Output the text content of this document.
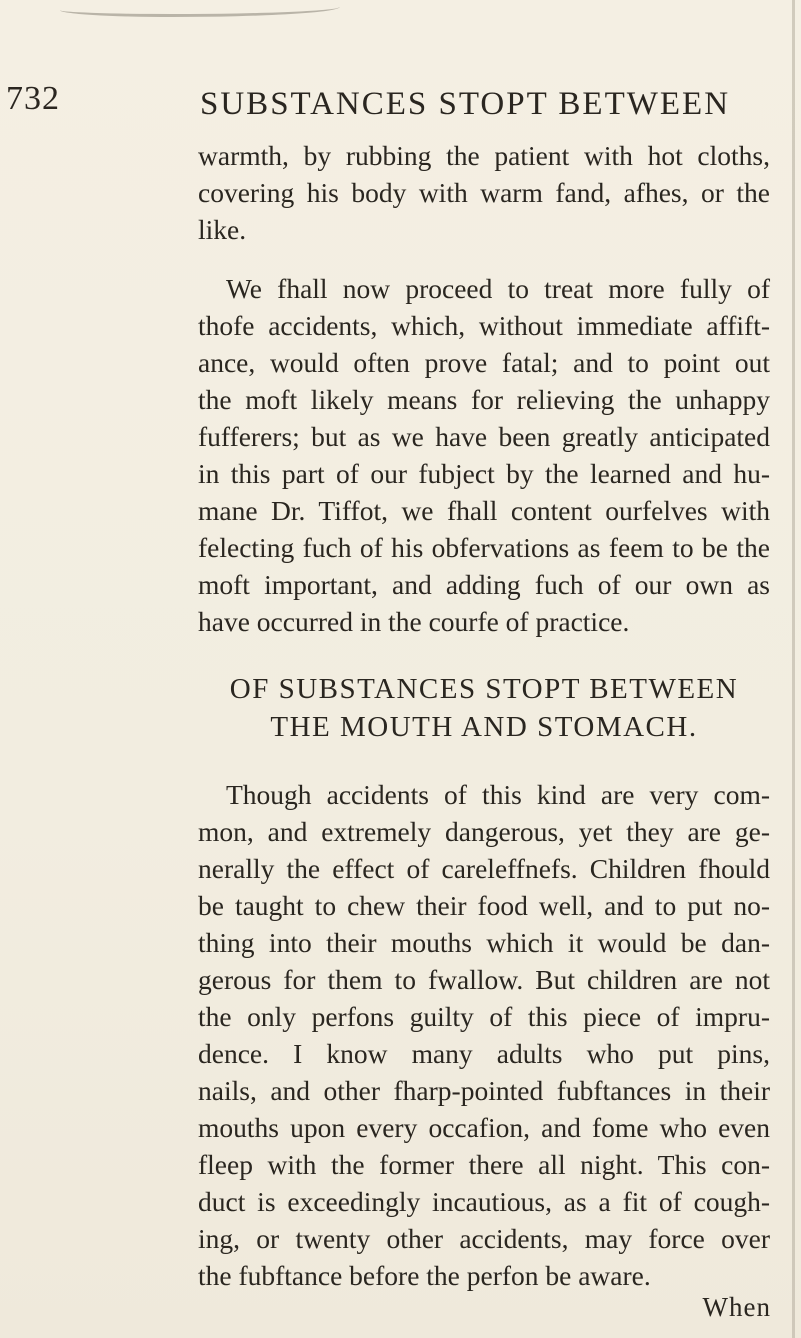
732	SUBSTANCES STOPT BETWEEN
warmth, by rubbing the patient with hot cloths,
covering his body with warm fand, afhes, or the
like.
We fhall now proceed to treat more fully of
thofe accidents, which, without immediate affift-
ance, would often prove fatal; and to point out
the moft likely means for relieving the unhappy
fufferers; but as we have been greatly anticipated
in this part of our fubject by the learned and hu-
mane Dr. Tiffot, we fhall content ourfelves with
felecting fuch of his obfervations as feem to be the
moft important, and adding fuch of our own as
have occurred in the courfe of practice.
OF SUBSTANCES STOPT BETWEEN
THE MOUTH AND STOMACH.
Though accidents of this kind are very com-
mon, and extremely dangerous, yet they are ge-
nerally the effect of careleffnefs. Children fhould
be taught to chew their food well, and to put no-
thing into their mouths which it would be dan-
gerous for them to fwallow. But children are not
the only perfons guilty of this piece of impru-
dence. I know many adults who put pins,
nails, and other fharp-pointed fubftances in their
mouths upon every occafion, and fome who even
fleep with the former there all night. This con-
duct is exceedingly incautious, as a fit of cough-
ing, or twenty other accidents, may force over
the fubftance before the perfon be aware.
When
